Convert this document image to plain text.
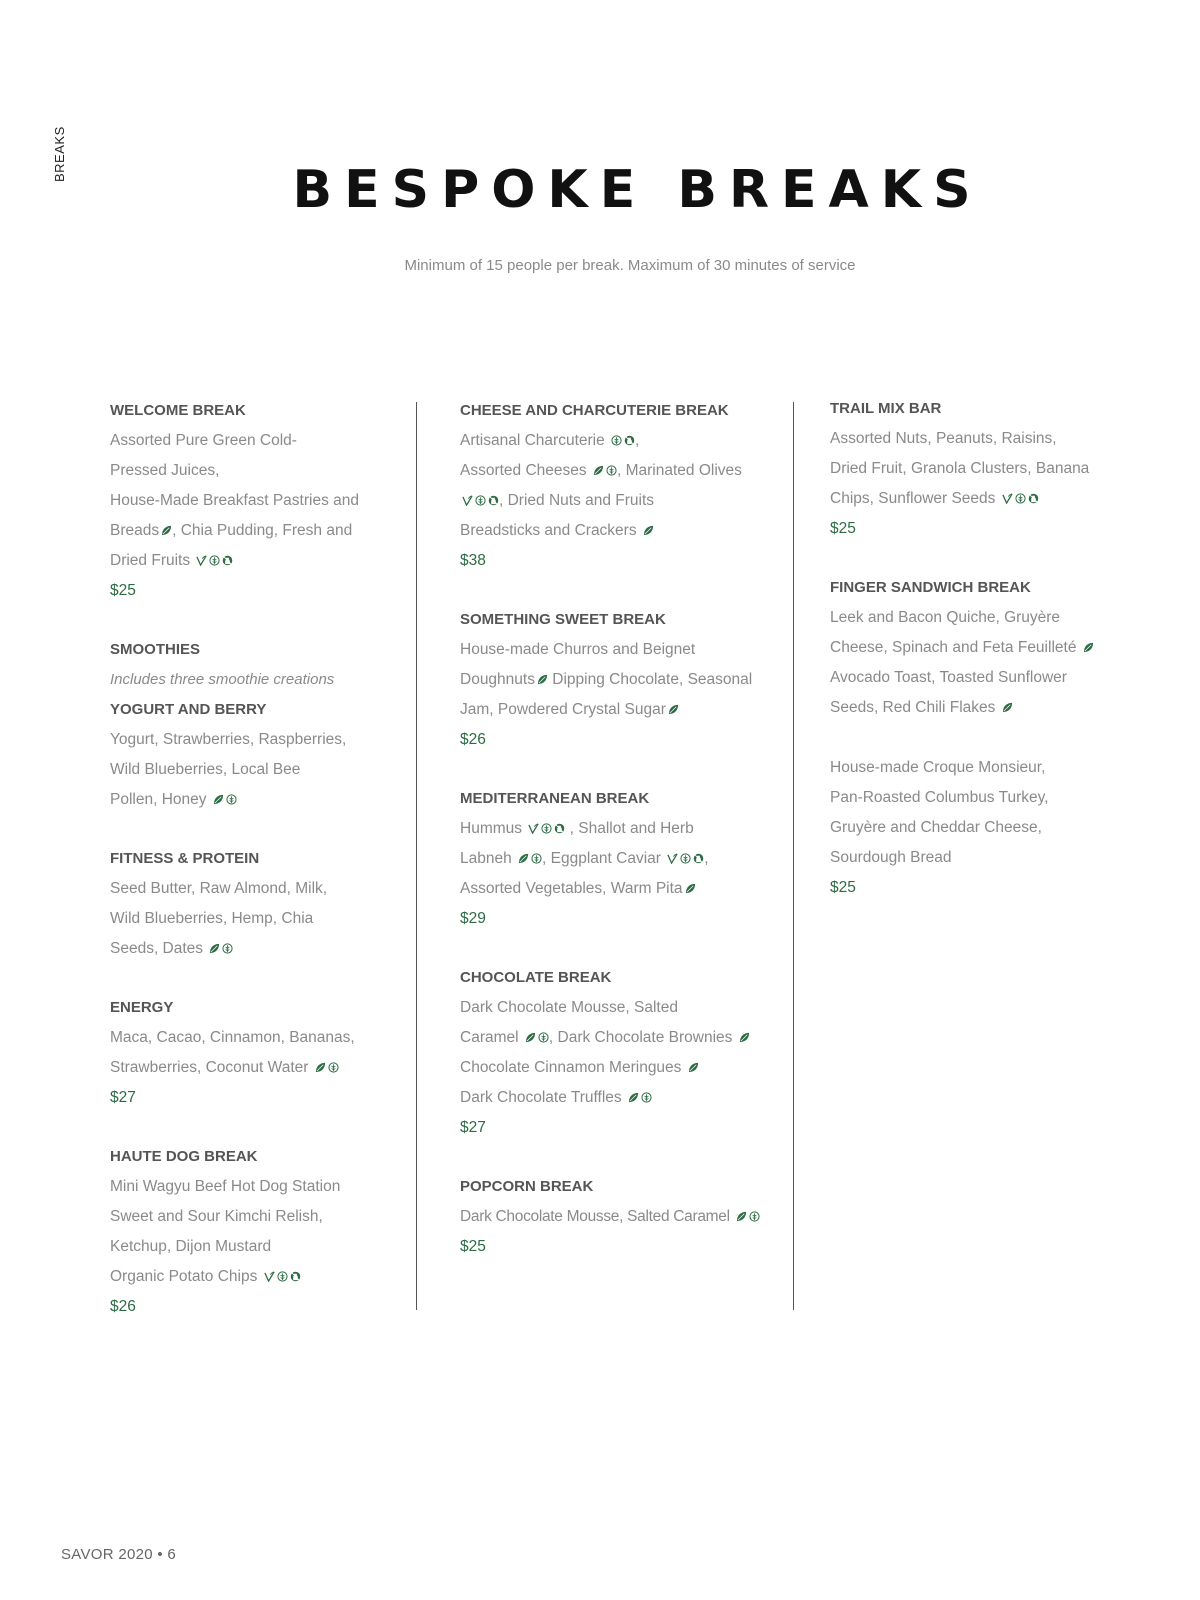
BREAKS
BESPOKE BREAKS
Minimum of 15 people per break. Maximum of 30 minutes of service
WELCOME BREAK
Assorted Pure Green Cold-
Pressed Juices,
House-Made Breakfast Pastries and
Breads , Chia Pudding, Fresh and
Dried Fruits
$25
SMOOTHIES
Includes three smoothie creations
YOGURT AND BERRY
Yogurt, Strawberries, Raspberries,
Wild Blueberries, Local Bee
Pollen, Honey
FITNESS & PROTEIN
Seed Butter, Raw Almond, Milk,
Wild Blueberries, Hemp, Chia
Seeds, Dates
ENERGY
Maca, Cacao, Cinnamon, Bananas,
Strawberries, Coconut Water
$27
HAUTE DOG BREAK
Mini Wagyu Beef Hot Dog Station
Sweet and Sour Kimchi Relish,
Ketchup, Dijon Mustard
Organic Potato Chips
$26
CHEESE AND CHARCUTERIE BREAK
Artisanal Charcuterie ,
Assorted Cheeses , Marinated Olives
, Dried Nuts and Fruits
Breadsticks and Crackers
$38
SOMETHING SWEET BREAK
House-made Churros and Beignet
Doughnuts
Dipping Chocolate, Seasonal
Jam, Powdered Crystal Sugar
$26
MEDITERRANEAN BREAK
Hummus	, Shallot and Herb
Labneh , Eggplant Caviar	,
Assorted Vegetables, Warm Pita
$29
CHOCOLATE BREAK
Dark Chocolate Mousse, Salted
Caramel , Dark Chocolate Brownies
Chocolate Cinnamon Meringues
Dark Chocolate Truffles
$27
POPCORN BREAK
Dark Chocolate Mousse, Salted Caramel
$25
TRAIL MIX BAR
Assorted Nuts, Peanuts, Raisins,
Dried Fruit, Granola Clusters, Banana
Chips, Sunflower Seeds
$25
FINGER SANDWICH BREAK
Leek and Bacon Quiche, Gruyère
Cheese, Spinach and Feta Feuilleté
Avocado Toast, Toasted Sunflower
Seeds, Red Chili Flakes

House-made Croque Monsieur,
Pan-Roasted Columbus Turkey,
Gruyère and Cheddar Cheese,
Sourdough Bread
$25
SAVOR 2020 • 6
